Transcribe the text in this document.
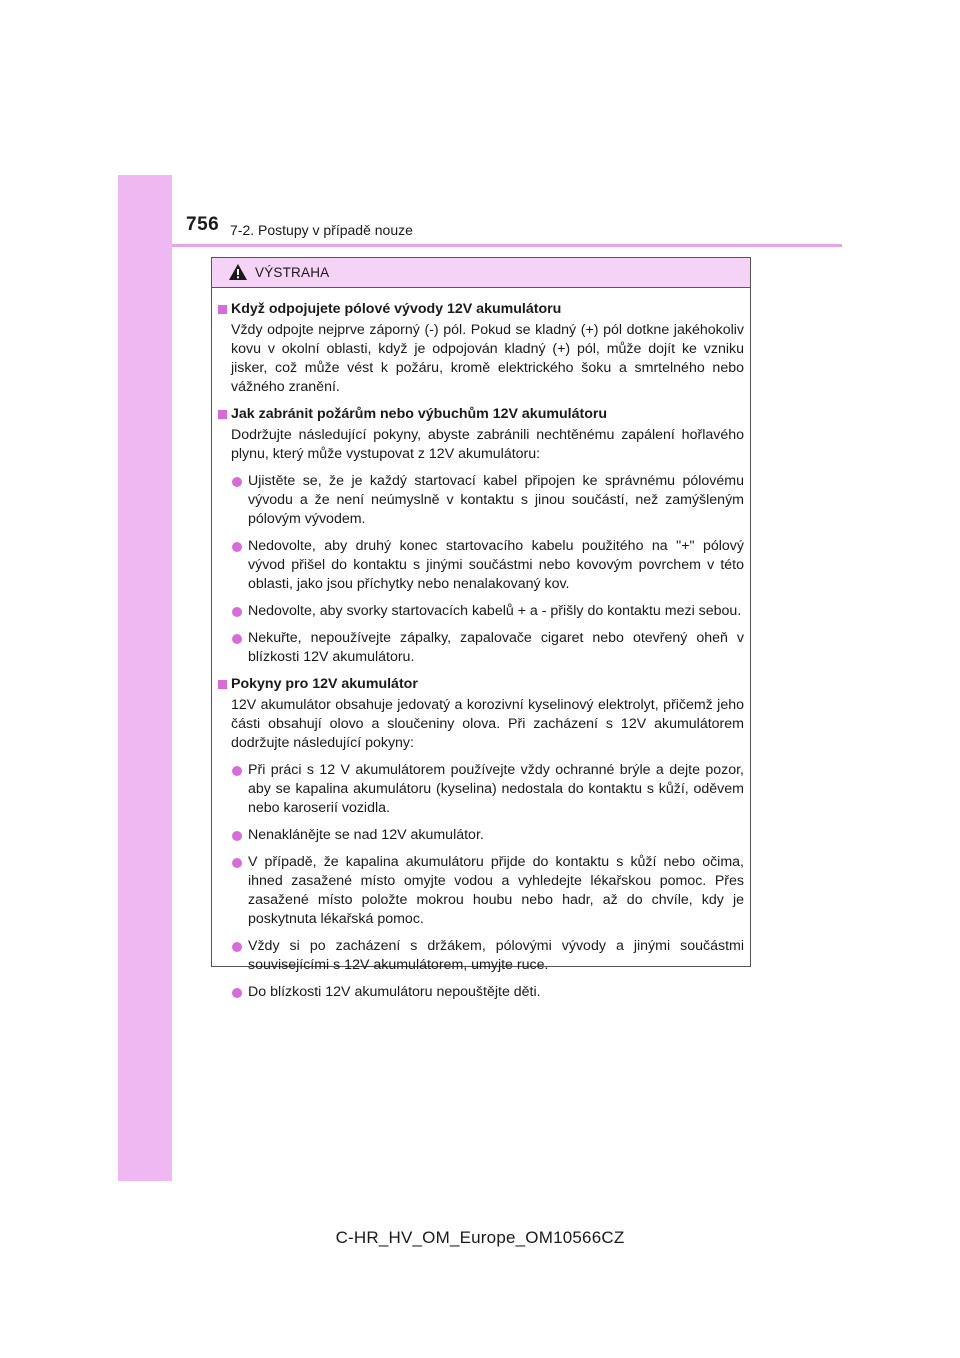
756 7-2. Postupy v případě nouze
VÝSTRAHA
Když odpojujete pólové vývody 12V akumulátoru
Vždy odpojte nejprve záporný (-) pól. Pokud se kladný (+) pól dotkne jakéhokoliv kovu v okolní oblasti, když je odpojován kladný (+) pól, může dojít ke vzniku jisker, což může vést k požáru, kromě elektrického šoku a smrtelného nebo vážného zranění.
Jak zabránit požárům nebo výbuchům 12V akumulátoru
Dodržujte následující pokyny, abyste zabránili nechtěnému zapálení hořlavého plynu, který může vystupovat z 12V akumulátoru:
Ujistěte se, že je každý startovací kabel připojen ke správnému pólovému vývodu a že není neúmyslně v kontaktu s jinou součástí, než zamýšleným pólovým vývodem.
Nedovolte, aby druhý konec startovacího kabelu použitého na "+" pólový vývod přišel do kontaktu s jinými součástmi nebo kovovým povrchem v této oblasti, jako jsou příchytky nebo nenalakovaný kov.
Nedovolte, aby svorky startovacích kabelů + a - přišly do kontaktu mezi sebou.
Nekuřte, nepoužívejte zápalky, zapalovače cigaret nebo otevřený oheň v blízkosti 12V akumulátoru.
Pokyny pro 12V akumulátor
12V akumulátor obsahuje jedovatý a korozivní kyselinový elektrolyt, přičemž jeho části obsahují olovo a sloučeniny olova. Při zacházení s 12V akumulátorem dodržujte následující pokyny:
Při práci s 12 V akumulátorem používejte vždy ochranné brýle a dejte pozor, aby se kapalina akumulátoru (kyselina) nedostala do kontaktu s kůží, oděvem nebo karoserií vozidla.
Nenaklánějte se nad 12V akumulátor.
V případě, že kapalina akumulátoru přijde do kontaktu s kůží nebo očima, ihned zasažené místo omyjte vodou a vyhledejte lékařskou pomoc. Přes zasažené místo položte mokrou houbu nebo hadr, až do chvíle, kdy je poskytnuta lékařská pomoc.
Vždy si po zacházení s držákem, pólovými vývody a jinými součástmi souvisejícími s 12V akumulátorem, umyjte ruce.
Do blízkosti 12V akumulátoru nepouštějte děti.
C-HR_HV_OM_Europe_OM10566CZ
